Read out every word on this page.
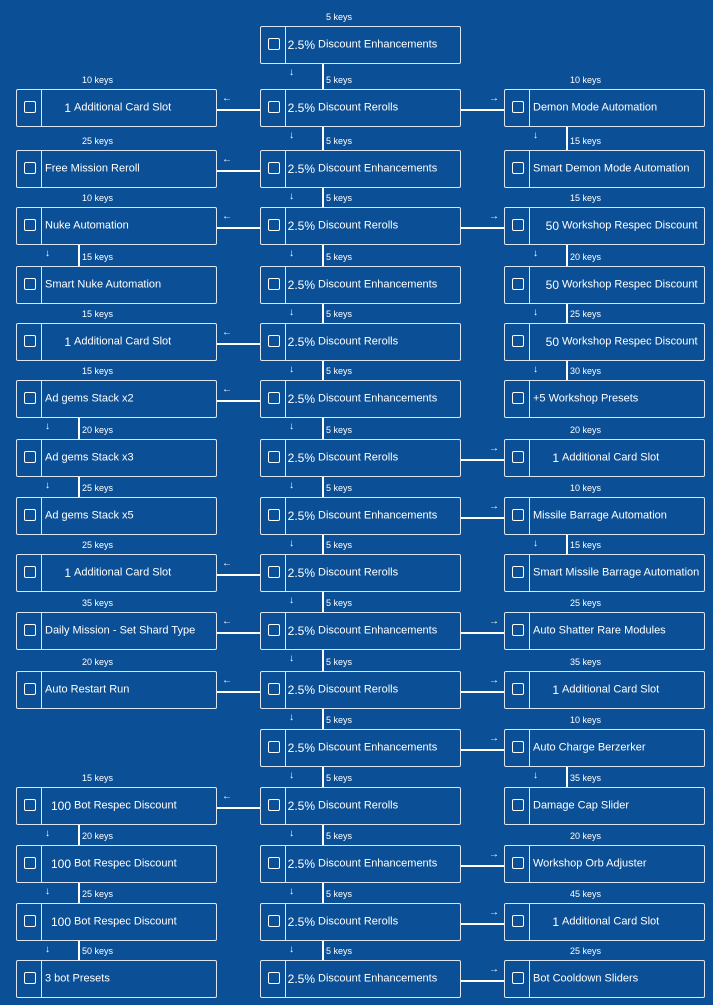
2.5% Discount Enhancements
5 keys
1 Additional Card Slot
10 keys
←
2.5% Discount Rerolls
5 keys
↓
Demon Mode Automation
10 keys
→
Free Mission Reroll
25 keys
←
2.5% Discount Enhancements
5 keys
↓
Smart Demon Mode Automation
15 keys
↓
Nuke Automation
10 keys
←
2.5% Discount Rerolls
5 keys
↓
50 Workshop Respec Discount
15 keys
→
Smart Nuke Automation
15 keys
↓
2.5% Discount Enhancements
5 keys
↓
50 Workshop Respec Discount
20 keys
↓
1 Additional Card Slot
15 keys
←
2.5% Discount Rerolls
5 keys
↓
50 Workshop Respec Discount
25 keys
↓
Ad gems Stack x2
15 keys
←
2.5% Discount Enhancements
5 keys
↓
+5 Workshop Presets
30 keys
↓
Ad gems Stack x3
20 keys
↓
2.5% Discount Rerolls
5 keys
↓
1 Additional Card Slot
20 keys
→
Ad gems Stack x5
25 keys
↓
2.5% Discount Enhancements
5 keys
↓
Missile Barrage Automation
10 keys
→
1 Additional Card Slot
25 keys
←
2.5% Discount Rerolls
5 keys
↓
Smart Missile Barrage Automation
15 keys
↓
Daily Mission - Set Shard Type
35 keys
←
2.5% Discount Enhancements
5 keys
↓
Auto Shatter Rare Modules
25 keys
→
Auto Restart Run
20 keys
←
2.5% Discount Rerolls
5 keys
↓
1 Additional Card Slot
35 keys
→
2.5% Discount Enhancements
5 keys
↓
Auto Charge Berzerker
10 keys
→
100 Bot Respec Discount
15 keys
←
2.5% Discount Rerolls
5 keys
↓
Damage Cap Slider
35 keys
↓
100 Bot Respec Discount
20 keys
↓
2.5% Discount Enhancements
5 keys
↓
Workshop Orb Adjuster
20 keys
→
100 Bot Respec Discount
25 keys
↓
2.5% Discount Rerolls
5 keys
↓
1 Additional Card Slot
45 keys
→
3 bot Presets
50 keys
↓
2.5% Discount Enhancements
5 keys
↓
Bot Cooldown Sliders
25 keys
→
